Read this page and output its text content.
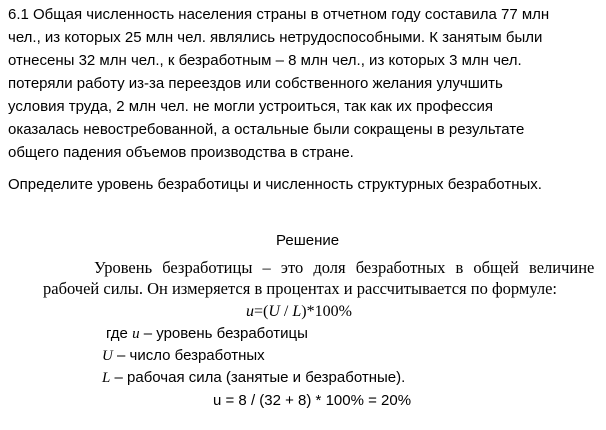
6.1 Общая численность населения страны в отчетном году составила 77 млн
чел., из которых 25 млн чел. являлись нетрудоспособными. К занятым были
отнесены 32 млн чел., к безработным – 8 млн чел., из которых 3 млн чел.
потеряли работу из-за переездов или собственного желания улучшить
условия труда, 2 млн чел. не могли устроиться, так как их профессия
оказалась невостребованной, а остальные были сокращены в результате
общего падения объемов производства в стране.
Определите уровень безработицы и численность структурных безработных.
Решение
Уровень безработицы – это доля безработных в общей величине
рабочей силы. Он измеряется в процентах и рассчитывается по формуле:
u=(U / L)*100%
где u – уровень безработицы
U – число безработных
L – рабочая сила (занятые и безработные).
u = 8 / (32 + 8) * 100% = 20%
